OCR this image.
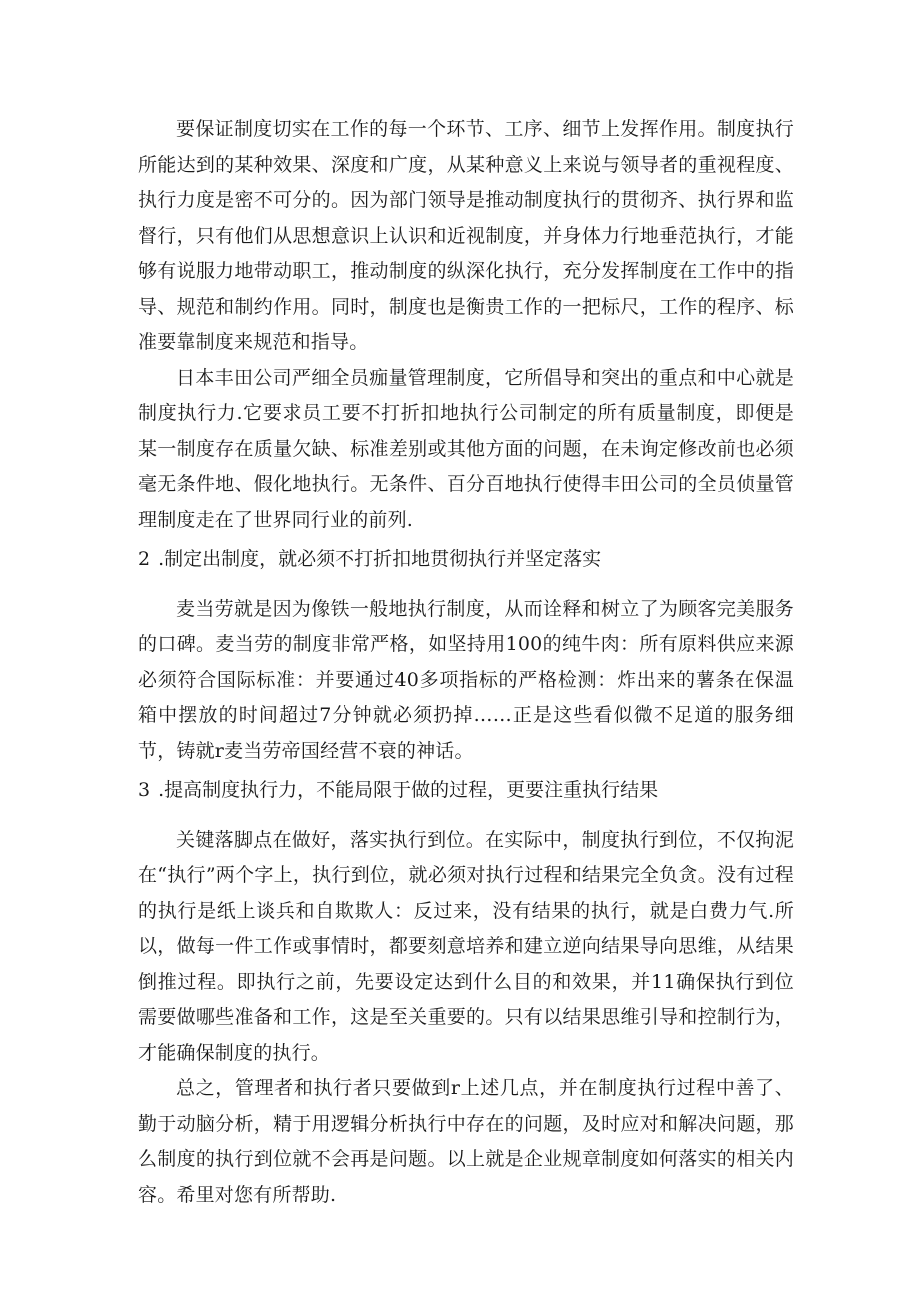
要保证制度切实在工作的每一个环节、工序、细节上发挥作用。制度执行所能达到的某种效果、深度和广度，从某种意义上来说与领导者的重视程度、执行力度是密不可分的。因为部门领导是推动制度执行的贯彻齐、执行界和监督行，只有他们从思想意识上认识和近视制度，并身体力行地垂范执行，才能够有说服力地带动职工，推动制度的纵深化执行，充分发挥制度在工作中的指导、规范和制约作用。同时，制度也是衡贵工作的一把标尺，工作的程序、标准要靠制度来规范和指导。

日本丰田公司严细全员痂量管理制度，它所倡导和突出的重点和中心就是制度执行力.它要求员工要不打折扣地执行公司制定的所有质量制度，即便是某一制度存在质量欠缺、标准差别或其他方面的问题，在未询定修改前也必须毫无条件地、假化地执行。无条件、百分百地执行使得丰田公司的全员侦量管理制度走在了世界同行业的前列.

2 .制定出制度，就必须不打折扣地贯彻执行并坚定落实

麦当劳就是因为像铁一般地执行制度，从而诠释和树立了为顾客完美服务的口碑。麦当劳的制度非常严格，如坚持用100的纯牛肉：所有原料供应来源必须符合国际标准：并要通过40多项指标的严格检测：炸出来的薯条在保温箱中摆放的时间超过7分钟就必须扔掉……正是这些看似微不足道的服务细节，铸就r麦当劳帝国经营不衰的神话。

3 .提高制度执行力，不能局限于做的过程，更要注重执行结果

关键落脚点在做好，落实执行到位。在实际中，制度执行到位，不仅拘泥在“执行”两个字上，执行到位，就必须对执行过程和结果完全负贪。没有过程的执行是纸上谈兵和自欺欺人：反过来，没有结果的执行，就是白费力气.所以，做每一件工作或事情时，都要刻意培养和建立逆向结果导向思维，从结果倒推过程。即执行之前，先要设定达到什么目的和效果，并11确保执行到位需要做哪些准备和工作，这是至关重要的。只有以结果思维引导和控制行为，才能确保制度的执行。

总之，管理者和执行者只要做到r上述几点，并在制度执行过程中善了、勤于动脑分析，精于用逻辑分析执行中存在的问题，及时应对和解决问题，那么制度的执行到位就不会再是问题。以上就是企业规章制度如何落实的相关内容。希里对您有所帮助.
